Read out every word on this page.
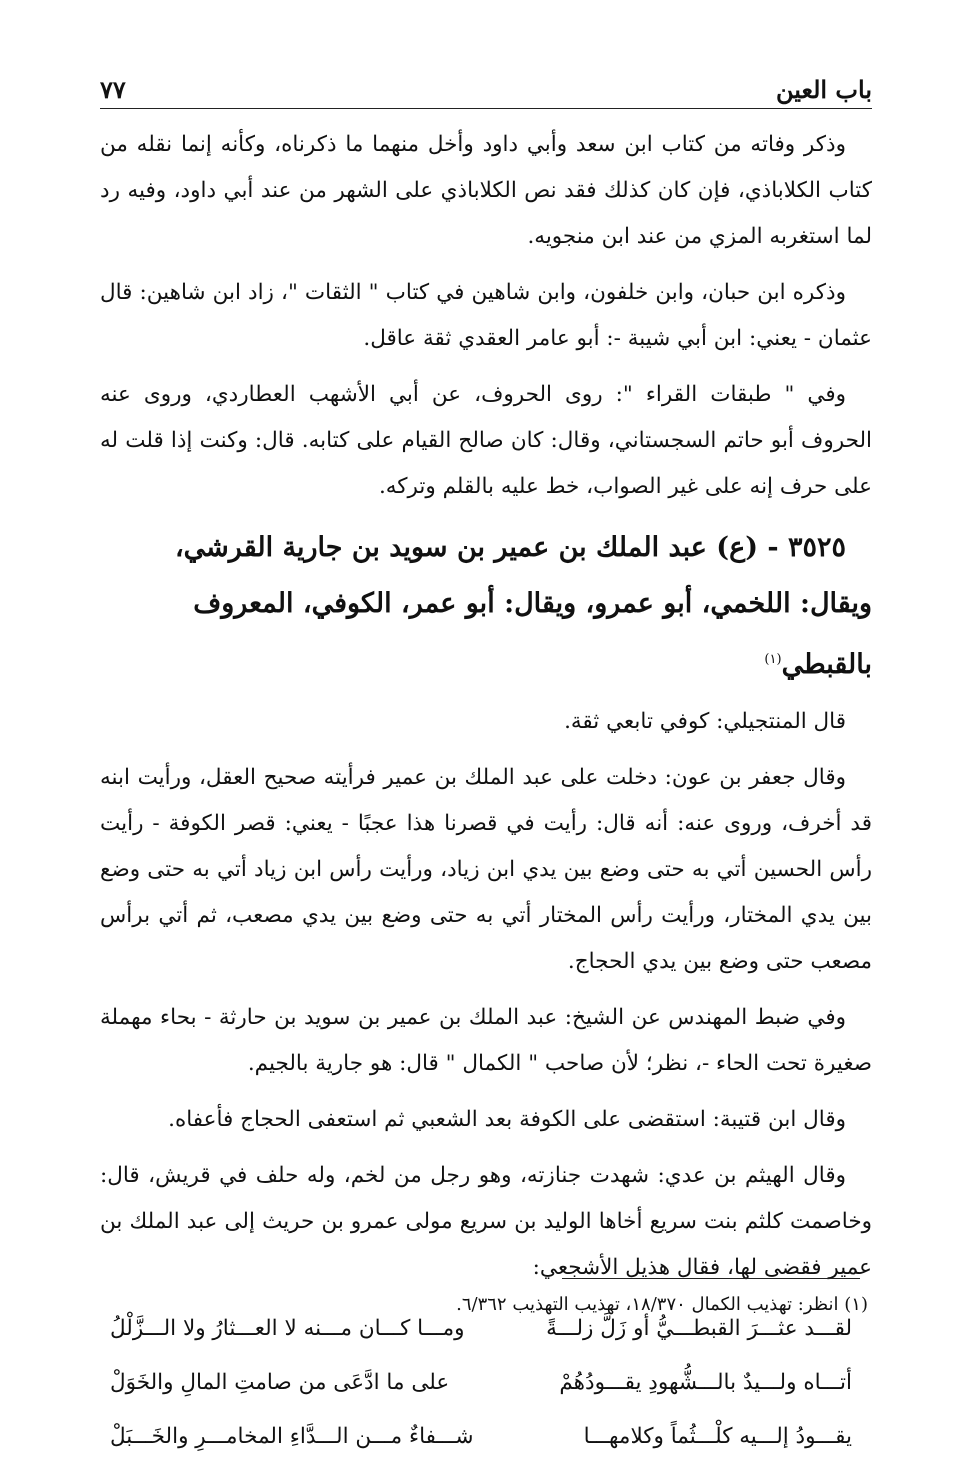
باب العين
٧٧

وذكر وفاته من كتاب ابن سعد وأبي داود وأخل منهما ما ذكرناه، وكأنه إنما نقله من كتاب الكلاباذي، فإن كان كذلك فقد نص الكلاباذي على الشهر من عند أبي داود، وفيه رد لما استغربه المزي من عند ابن منجويه.

وذكره ابن حبان، وابن خلفون، وابن شاهين في كتاب " الثقات "، زاد ابن شاهين: قال عثمان - يعني: ابن أبي شيبة -: أبو عامر العقدي ثقة عاقل.

وفي " طبقات القراء ": روى الحروف، عن أبي الأشهب العطاردي، وروى عنه الحروف أبو حاتم السجستاني، وقال: كان صالح القيام على كتابه. قال: وكنت إذا قلت له على حرف إنه على غير الصواب، خط عليه بالقلم وتركه.

٣٥٢٥ - (ع) عبد الملك بن عمير بن سويد بن جارية القرشي، ويقال: اللخمي، أبو عمرو، ويقال: أبو عمر، الكوفي، المعروف بالقبطي$^{(١)}$

قال المنتجيلي: كوفي تابعي ثقة.

وقال جعفر بن عون: دخلت على عبد الملك بن عمير فرأيته صحيح العقل، ورأيت ابنه قد أخرف، وروى عنه: أنه قال: رأيت في قصرنا هذا عجبًا - يعني: قصر الكوفة - رأيت رأس الحسين أتي به حتى وضع بين يدي ابن زياد، ورأيت رأس ابن زياد أتي به حتى وضع بين يدي المختار، ورأيت رأس المختار أتي به حتى وضع بين يدي مصعب، ثم أتي برأس مصعب حتى وضع بين يدي الحجاج.

وفي ضبط المهندس عن الشيخ: عبد الملك بن عمير بن سويد بن حارثة - بحاء مهملة صغيرة تحت الحاء -، نظر؛ لأن صاحب " الكمال " قال: هو جارية بالجيم.

وقال ابن قتيبة: استقضى على الكوفة بعد الشعبي ثم استعفى الحجاج فأعفاه.

وقال الهيثم بن عدي: شهدت جنازته، وهو رجل من لخم، وله حلف في قريش، قال: وخاصمت كلثم بنت سريع أخاها الوليد بن سريع مولى عمرو بن حريث إلى عبد الملك بن عمير فقضى لها، فقال هذيل الأشجعي:

لقـــد عثـــرَ القبطـــيُّ أو زَلَّ زلـــةً	ومـــا كـــان مـــنه لا العـــثارُ ولا الـــزَّلْلُ
أتـــاه ولـــيدٌ بالـــشُّهودِ يقـــودُهُمْ	على ما ادَّعَى من صامتِ المالِ والخَوَلْ
يقـــودُ إلـــيه كلْـــثُماً وكلامهـــا	شـــفاءٌ مـــن الـــدَّاءِ المخامـــرِ والخَـــبَلْ
(١) انظر: تهذيب الكمال ١٨/٣٧٠، تهذيب التهذيب ٦/٣٦٢.
